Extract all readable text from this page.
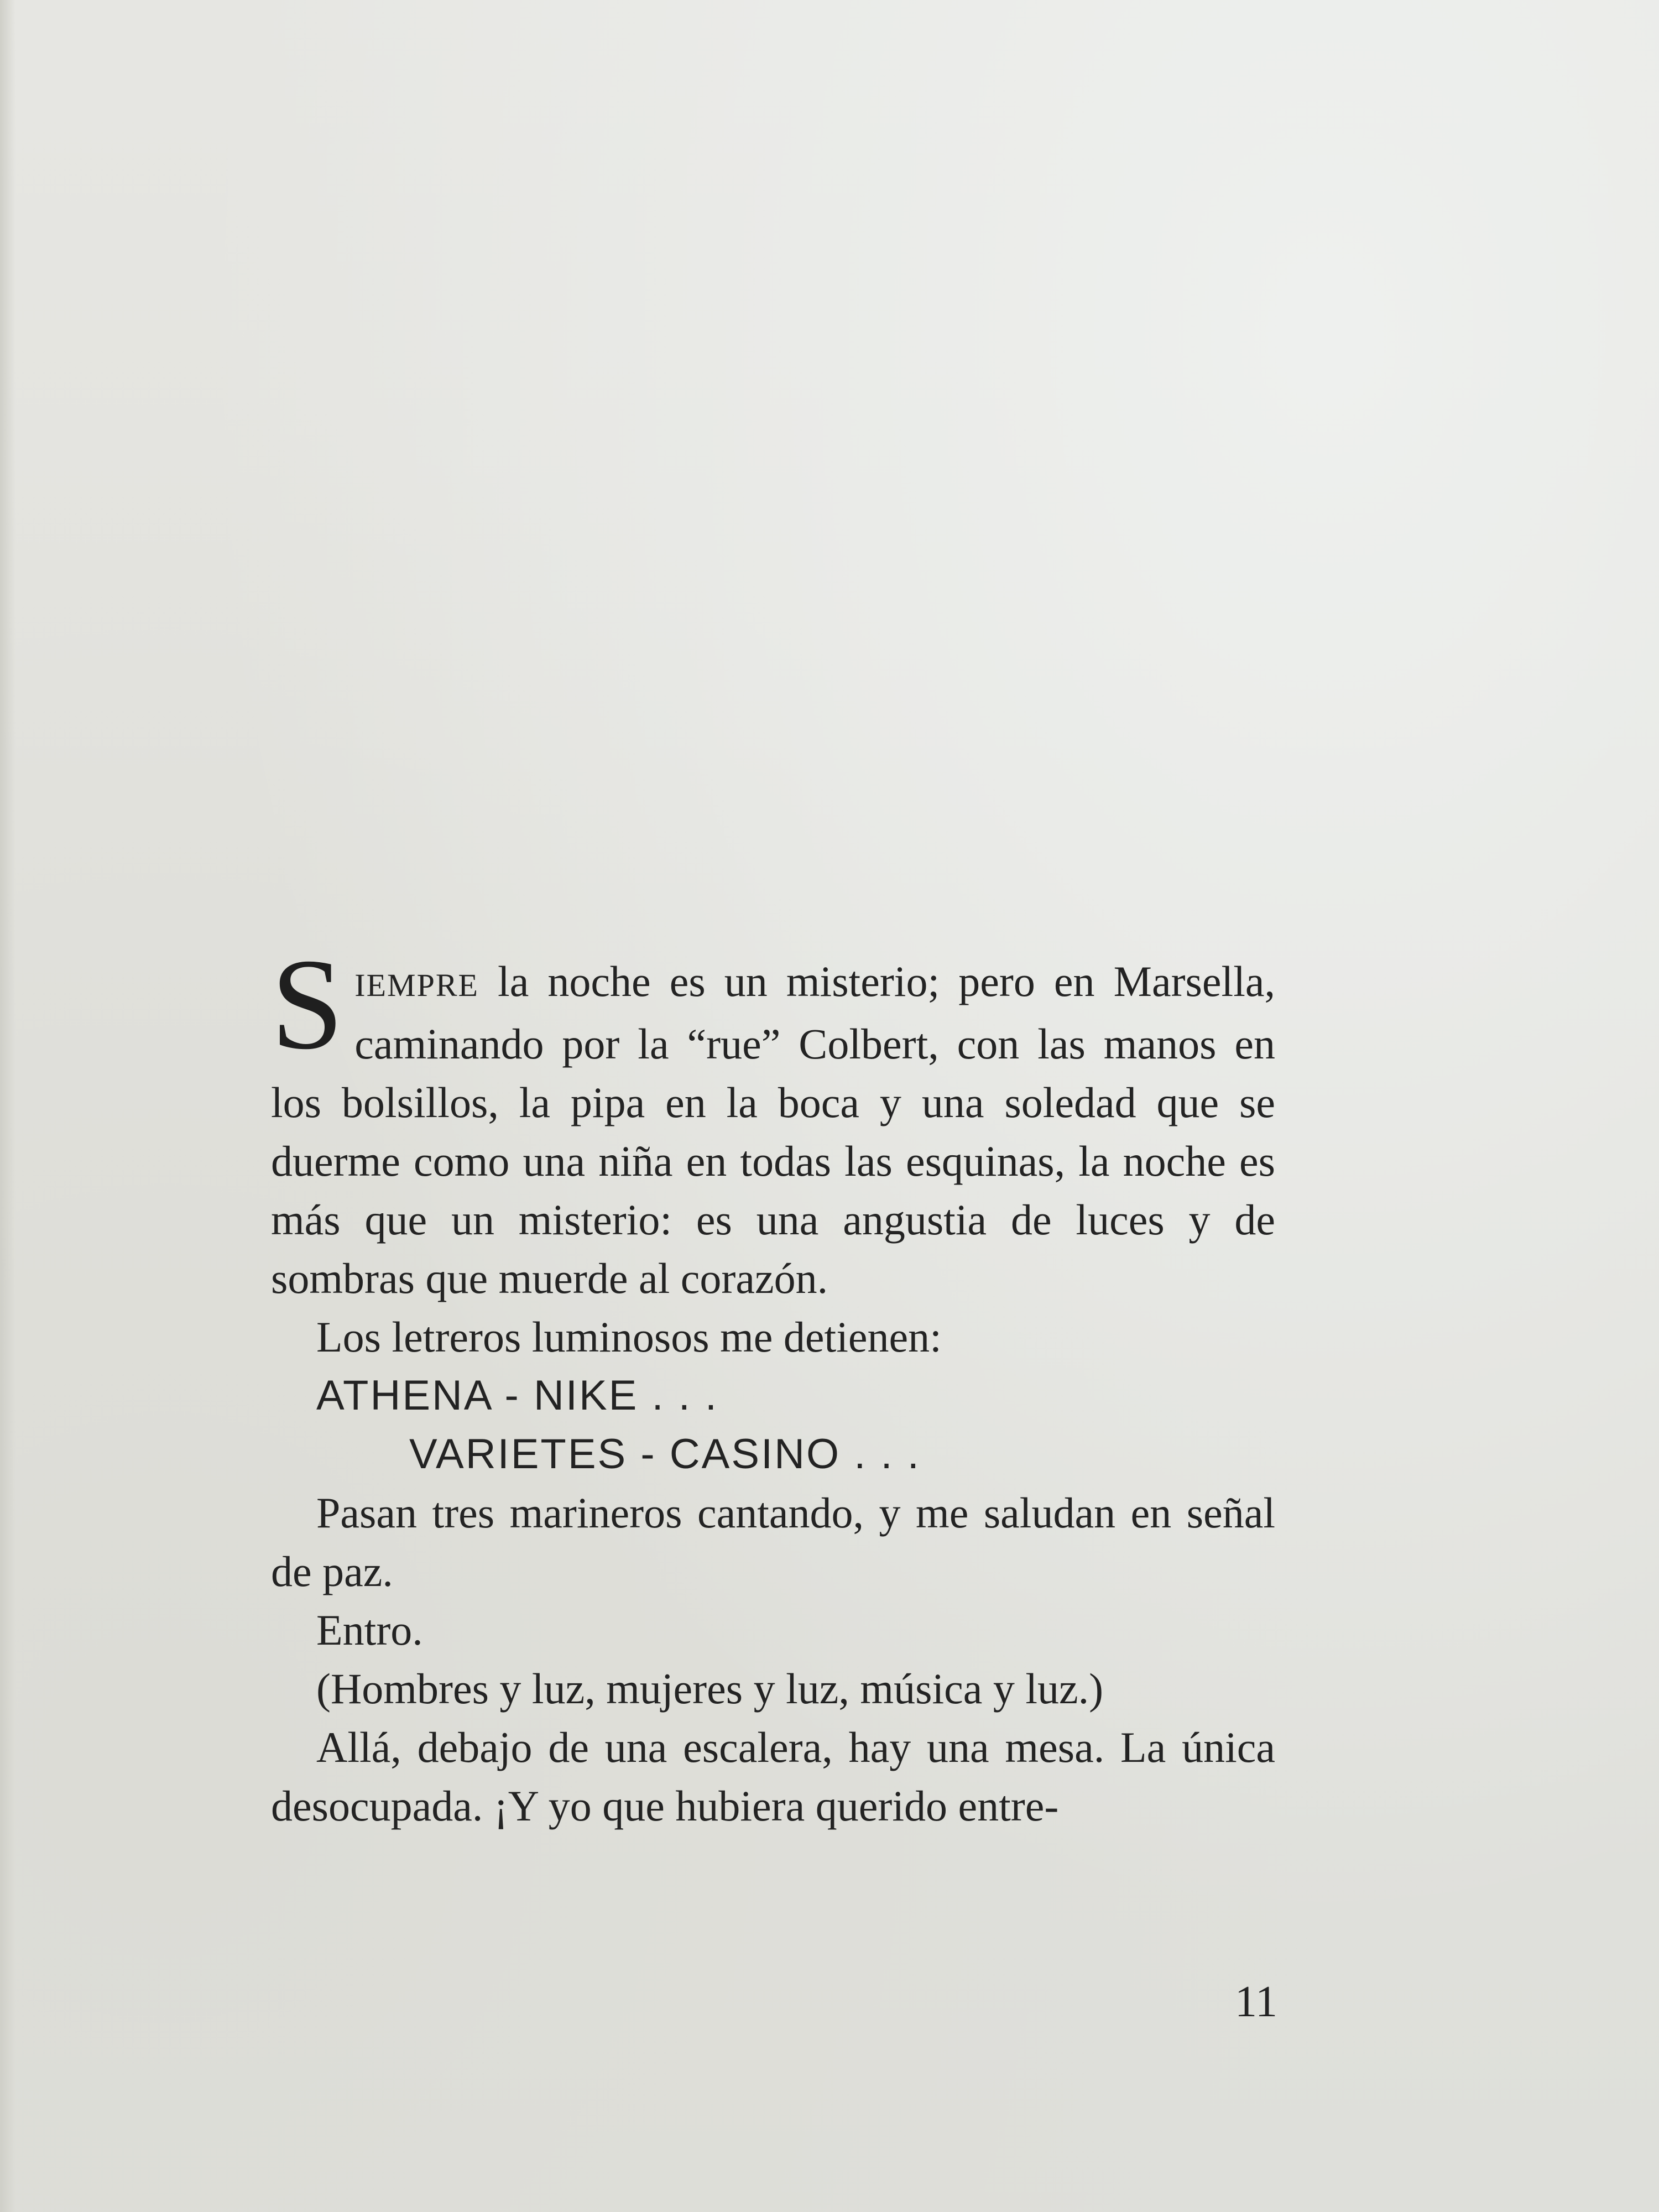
SIEMPRE la noche es un misterio; pero en Marsella, caminando por la “rue” Colbert, con las manos en los bolsillos, la pipa en la boca y una soledad que se duerme como una niña en todas las esquinas, la noche es más que un misterio: es una angustia de luces y de sombras que muerde al corazón.

Los letreros luminosos me detienen:

ATHENA - NIKE . . .

VARIETES - CASINO . . .

Pasan tres marineros cantando, y me saludan en señal de paz.

Entro.

(Hombres y luz, mujeres y luz, música y luz.)

Allá, debajo de una escalera, hay una mesa. La única desocupada. ¡Y yo que hubiera querido entre-

11
